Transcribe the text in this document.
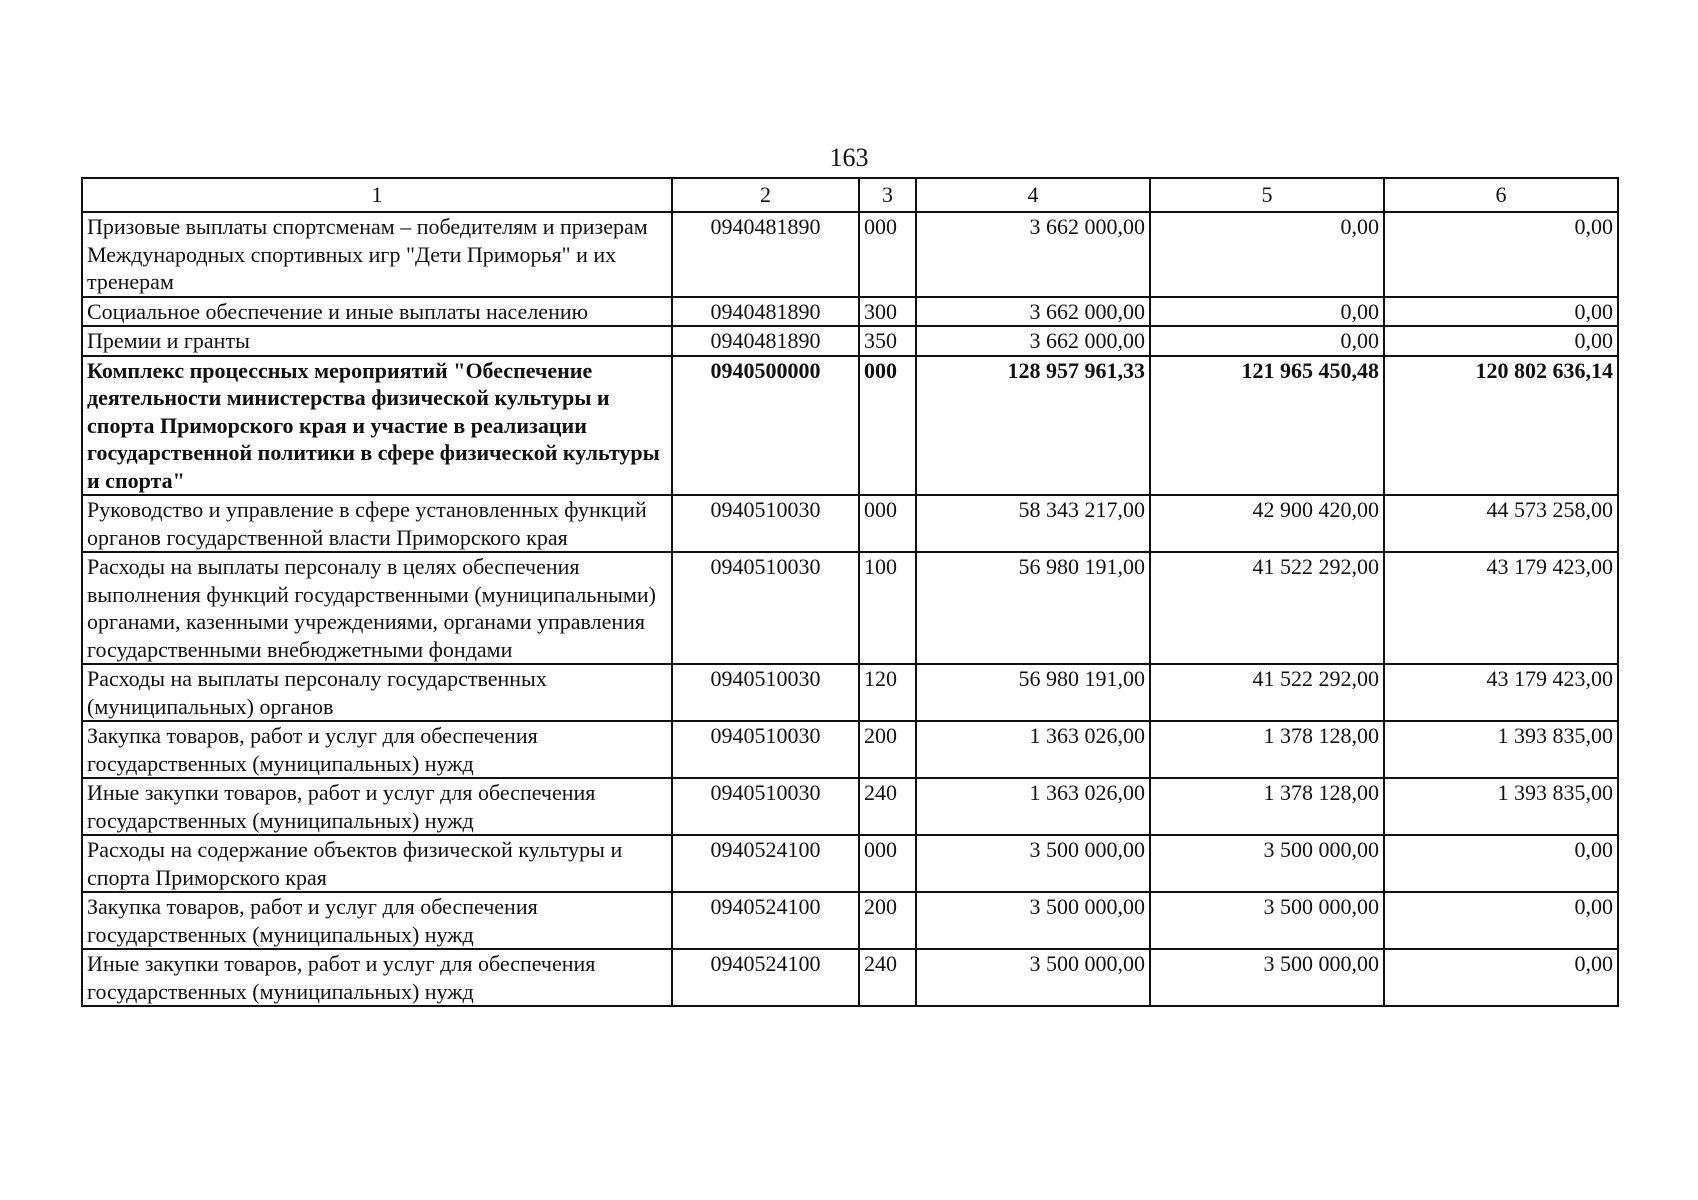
163
1	2	3	4	5	6
Призовые выплаты спортсменам – победителям и призерам Международных спортивных игр "Дети Приморья" и их тренерам	0940481890	000	3 662 000,00	0,00	0,00
Социальное обеспечение и иные выплаты населению	0940481890	300	3 662 000,00	0,00	0,00
Премии и гранты	0940481890	350	3 662 000,00	0,00	0,00
Комплекс процессных мероприятий "Обеспечение деятельности министерства физической культуры и спорта Приморского края и участие в реализации государственной политики в сфере физической культуры и спорта"	0940500000	000	128 957 961,33	121 965 450,48	120 802 636,14
Руководство и управление в сфере установленных функций органов государственной власти Приморского края	0940510030	000	58 343 217,00	42 900 420,00	44 573 258,00
Расходы на выплаты персоналу в целях обеспечения выполнения функций государственными (муниципальными) органами, казенными учреждениями, органами управления государственными внебюджетными фондами	0940510030	100	56 980 191,00	41 522 292,00	43 179 423,00
Расходы на выплаты персоналу государственных (муниципальных) органов	0940510030	120	56 980 191,00	41 522 292,00	43 179 423,00
Закупка товаров, работ и услуг для обеспечения государственных (муниципальных) нужд	0940510030	200	1 363 026,00	1 378 128,00	1 393 835,00
Иные закупки товаров, работ и услуг для обеспечения государственных (муниципальных) нужд	0940510030	240	1 363 026,00	1 378 128,00	1 393 835,00
Расходы на содержание объектов физической культуры и спорта Приморского края	0940524100	000	3 500 000,00	3 500 000,00	0,00
Закупка товаров, работ и услуг для обеспечения государственных (муниципальных) нужд	0940524100	200	3 500 000,00	3 500 000,00	0,00
Иные закупки товаров, работ и услуг для обеспечения государственных (муниципальных) нужд	0940524100	240	3 500 000,00	3 500 000,00	0,00
